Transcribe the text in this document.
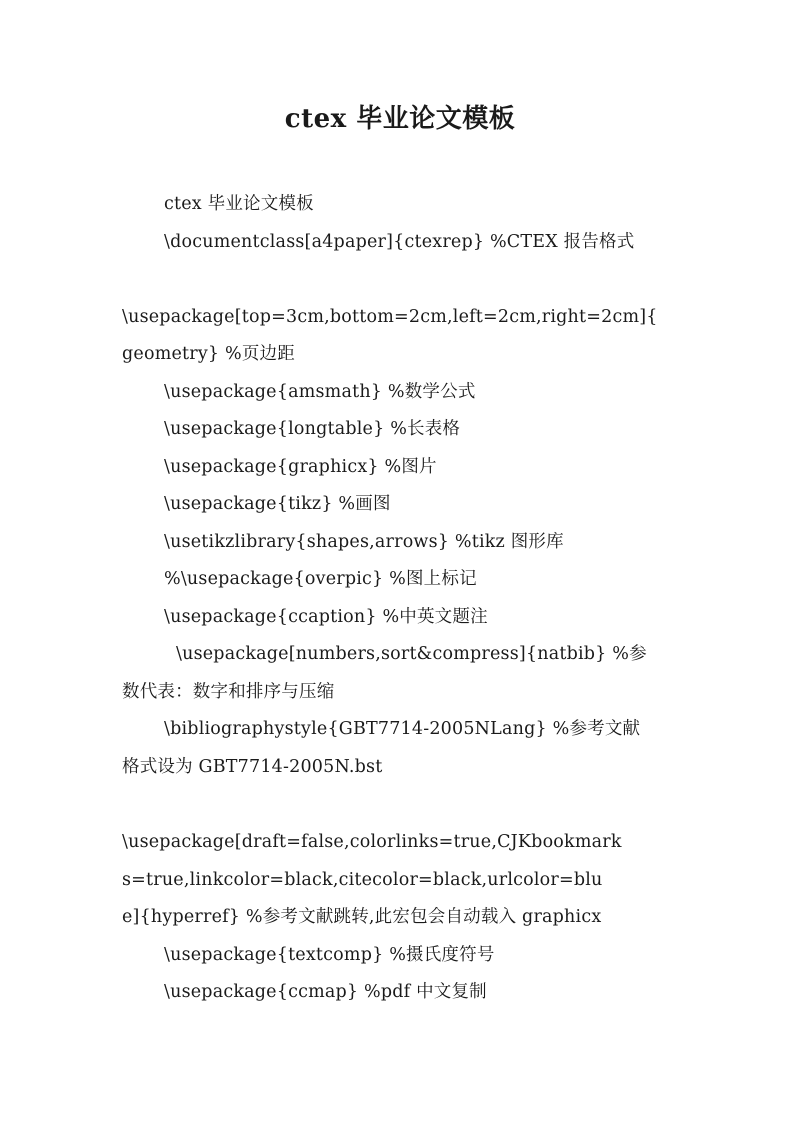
ctex 毕业论文模板
ctex 毕业论文模板
\documentclass[a4paper]{ctexrep} %CTEX 报告格式
\usepackage[top=3cm,bottom=2cm,left=2cm,right=2cm]{
geometry} %页边距
\usepackage{amsmath} %数学公式
\usepackage{longtable} %长表格
\usepackage{graphicx} %图片
\usepackage{tikz} %画图
\usetikzlibrary{shapes,arrows} %tikz 图形库
%\usepackage{overpic} %图上标记
\usepackage{ccaption} %中英文题注
\usepackage[numbers,sort&compress]{natbib} %参
数代表：数字和排序与压缩
\bibliographystyle{GBT7714-2005NLang} %参考文献
格式设为 GBT7714-2005N.bst
\usepackage[draft=false,colorlinks=true,CJKbookmark
s=true,linkcolor=black,citecolor=black,urlcolor=blu
e]{hyperref} %参考文献跳转,此宏包会自动载入 graphicx
\usepackage{textcomp} %摄氏度符号
\usepackage{ccmap} %pdf 中文复制
